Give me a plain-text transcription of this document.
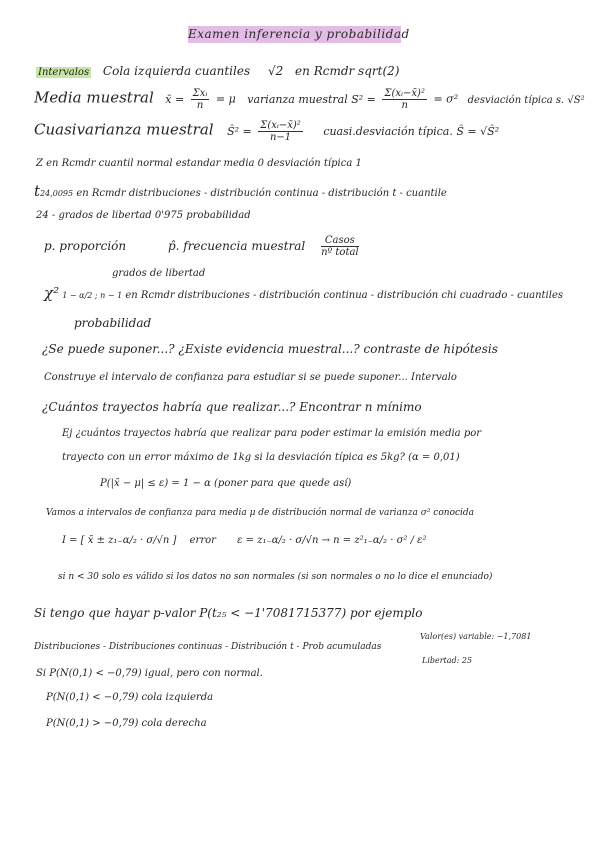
Examen inferencia y probabilidad
Intervalos Cola izquierda cuantiles √2 en Rcmdr sqrt(2)
Media muestral x̄ = $\frac{\text{Σxᵢ}}{n} = \mu$ varianza muestral $S^2 = \frac{\text{Σ(xᵢ−x̄)²}}{n} = \sigma^2$ desviación típica s. √S²
Cuasivarianza muestral Ŝ² = $\frac{\text{Σ(xᵢ−x̄)²}}{n-1}$ cuasi.desviación típica. Ŝ = √Ŝ²
Z en Rcmdr cuantil normal estandar media 0 desviación típica 1
t24,0095 en Rcmdr distribuciones - distribución continua - distribución t - cuantile
24 - grados de libertad 0'975 probabilidad
p. proporción	p̂. frecuencia muestral $\frac{\text{Casos}}{\text{nº total}}$
grados de libertad
χ² 1 − α/2 ; n − 1 en Rcmdr distribuciones - distribución continua - distribución chi cuadrado - cuantiles
probabilidad
¿Se puede suponer...? ¿Existe evidencia muestral...? contraste de hipótesis
Construye el intervalo de confianza para estudiar si se puede suponer... Intervalo
¿Cuántos trayectos habría que realizar...? Encontrar n mínimo
Ej ¿cuántos trayectos habría que realizar para poder estimar la emisión media por
trayecto con un error máximo de 1kg si la desviación típica es 5kg? (α = 0,01)
P(|x̄ − μ| ≤ ε) = 1 − α (poner para que quede así)
Vamos a intervalos de confianza para media μ de distribución normal de varianza σ² conocida
I = [ x̄ ± z₁₋α/₂ · σ/√n ] error ε = z₁₋α/₂ · σ/√n → n = z²₁₋α/₂ · σ² / ε²
si n < 30 solo es válido si los datos no son normales (si son normales o no lo dice el enunciado)
Si tengo que hayar p-valor P(t₂₅ < −1'7081715377) por ejemplo
Distribuciones - Distribuciones continuas - Distribución t - Prob acumuladas
Valor(es) variable: −1,7081
Libertad: 25
Si P(N(0,1) < −0,79) igual, pero con normal.
P(N(0,1) < −0,79) cola izquierda
P(N(0,1) > −0,79) cola derecha
